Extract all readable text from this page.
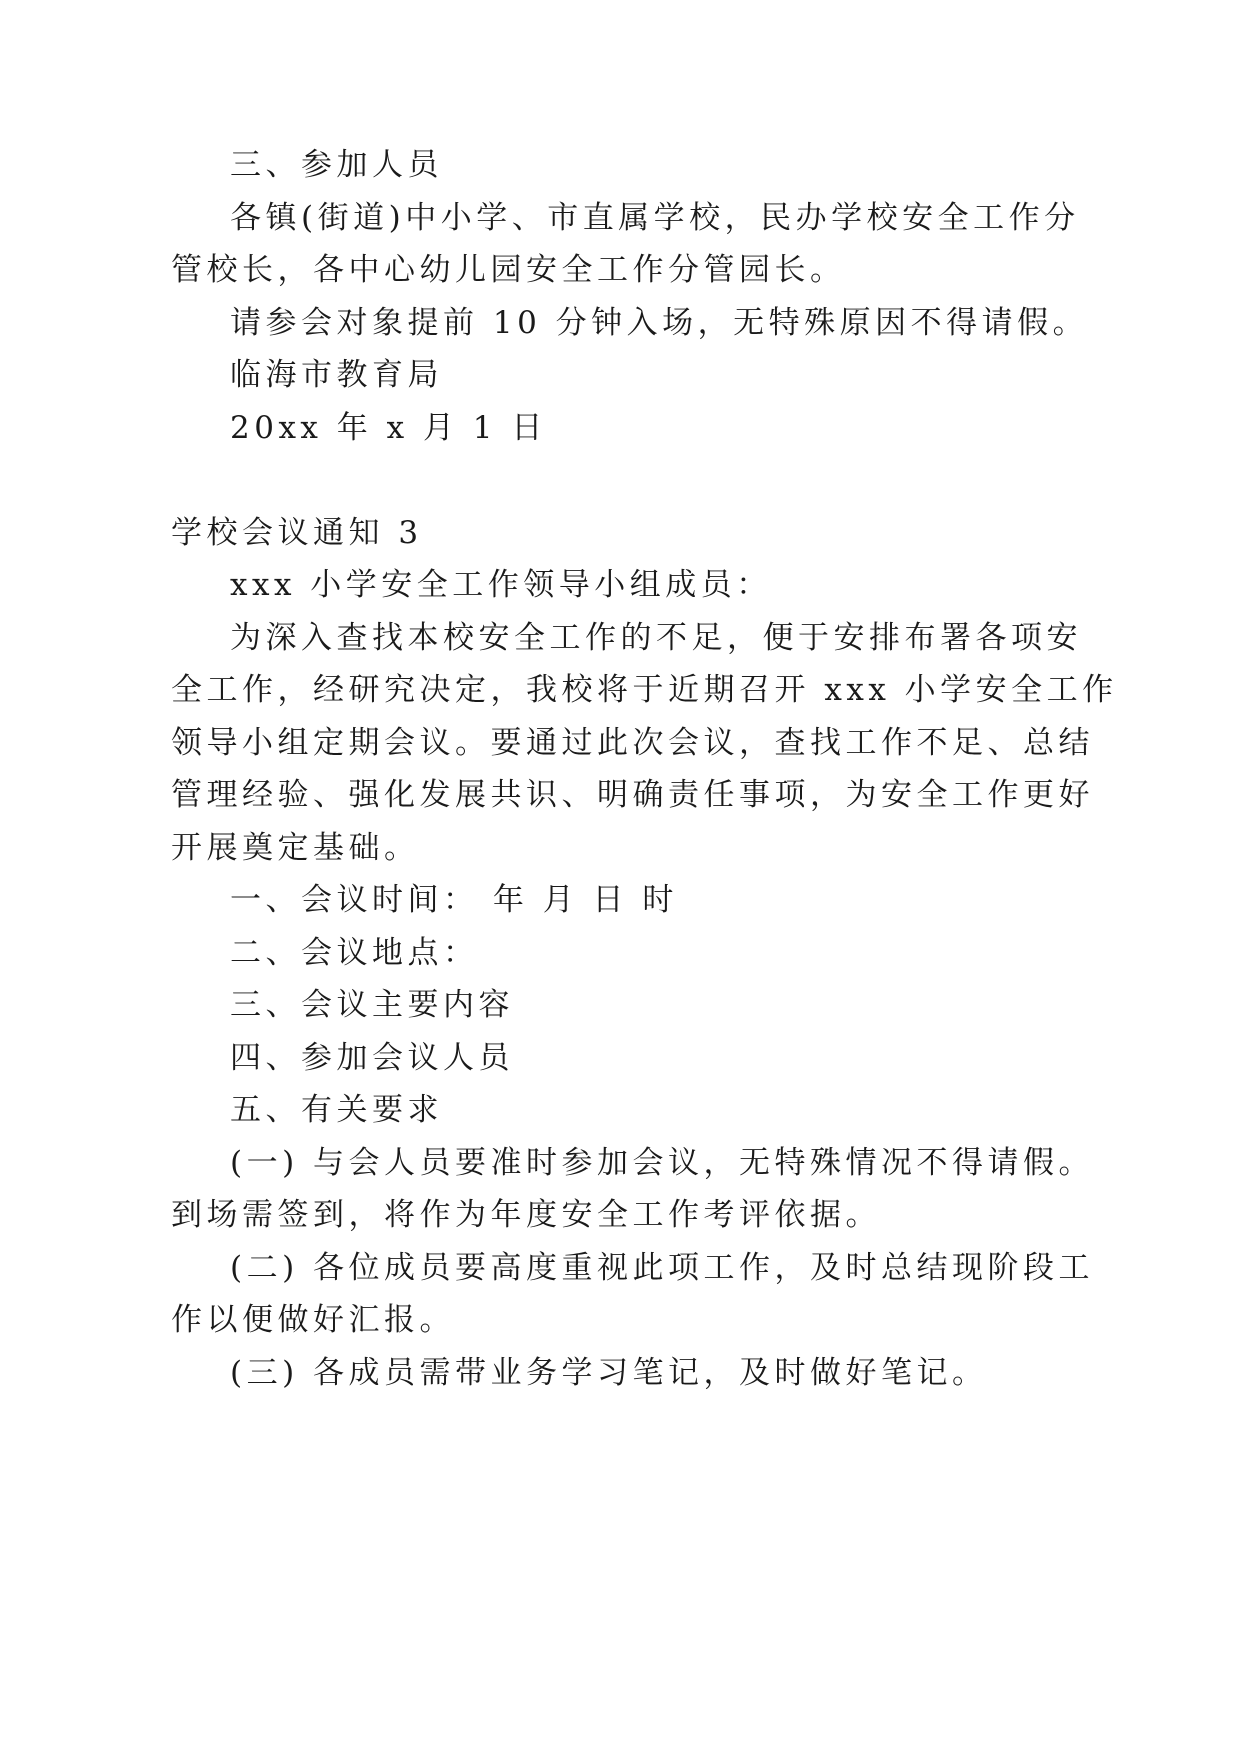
三、参加人员
各镇(街道)中小学、市直属学校，民办学校安全工作分
管校长，各中心幼儿园安全工作分管园长。
请参会对象提前 10 分钟入场，无特殊原因不得请假。
临海市教育局
20xx 年 x 月 1 日
学校会议通知 3
xxx 小学安全工作领导小组成员：
为深入查找本校安全工作的不足，便于安排布署各项安
全工作，经研究决定，我校将于近期召开 xxx 小学安全工作
领导小组定期会议。要通过此次会议，查找工作不足、总结
管理经验、强化发展共识、明确责任事项，为安全工作更好
开展奠定基础。
一、会议时间： 年 月 日 时
二、会议地点：
三、会议主要内容
四、参加会议人员
五、有关要求
(一) 与会人员要准时参加会议，无特殊情况不得请假。
到场需签到，将作为年度安全工作考评依据。
(二) 各位成员要高度重视此项工作，及时总结现阶段工
作以便做好汇报。
(三) 各成员需带业务学习笔记，及时做好笔记。
